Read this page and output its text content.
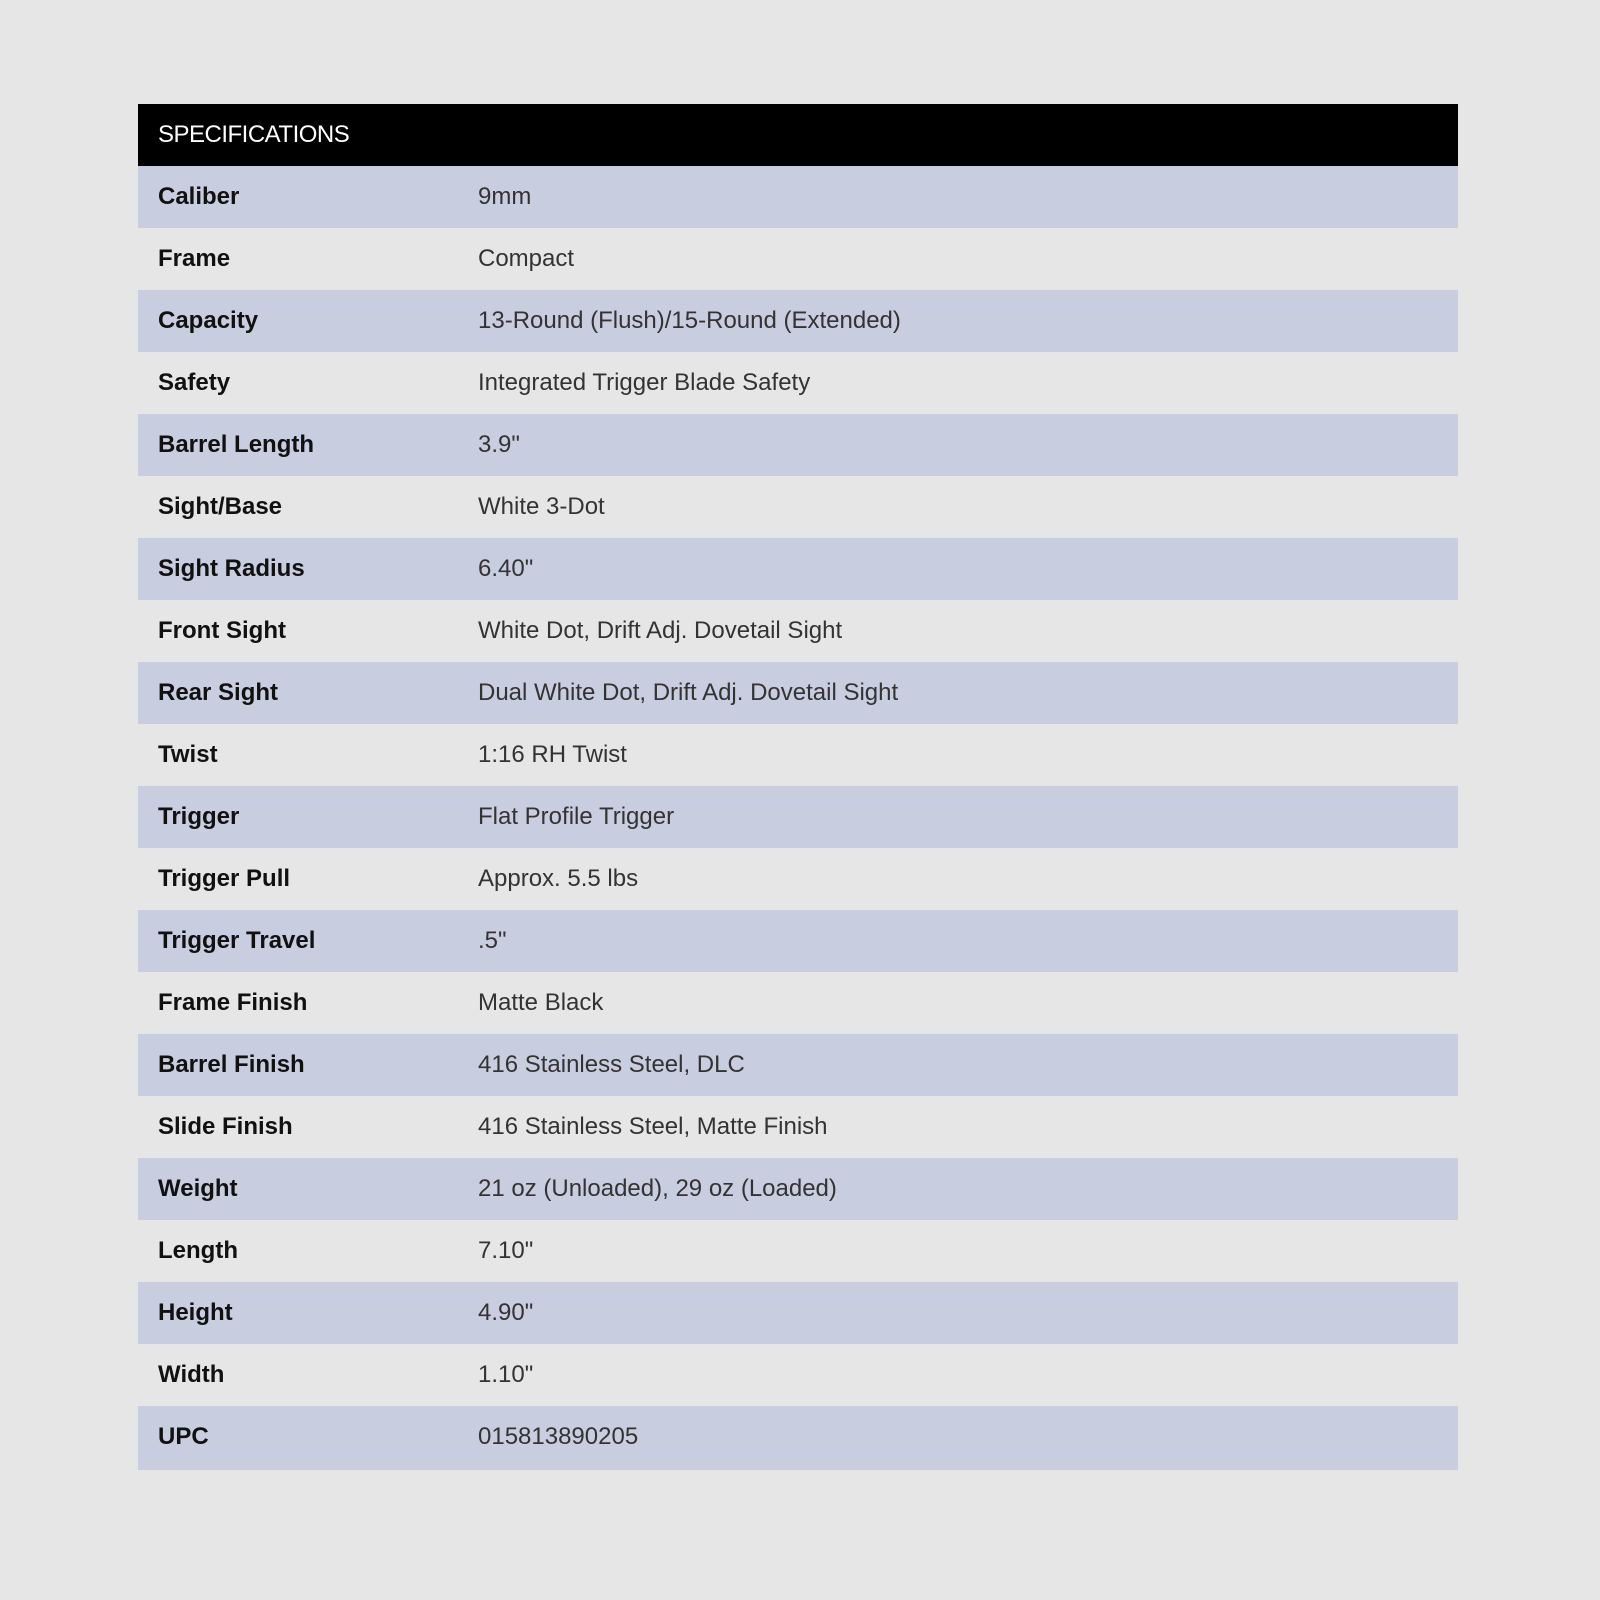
SPECIFICATIONS
Caliber	9mm
Frame	Compact
Capacity	13-Round (Flush)/15-Round (Extended)
Safety	Integrated Trigger Blade Safety
Barrel Length	3.9"
Sight/Base	White 3-Dot
Sight Radius	6.40"
Front Sight	White Dot, Drift Adj. Dovetail Sight
Rear Sight	Dual White Dot, Drift Adj. Dovetail Sight
Twist	1:16 RH Twist
Trigger	Flat Profile Trigger
Trigger Pull	Approx. 5.5 lbs
Trigger Travel	.5"
Frame Finish	Matte Black
Barrel Finish	416 Stainless Steel, DLC
Slide Finish	416 Stainless Steel, Matte Finish
Weight	21 oz (Unloaded), 29 oz (Loaded)
Length	7.10"
Height	4.90"
Width	1.10"
UPC	015813890205
